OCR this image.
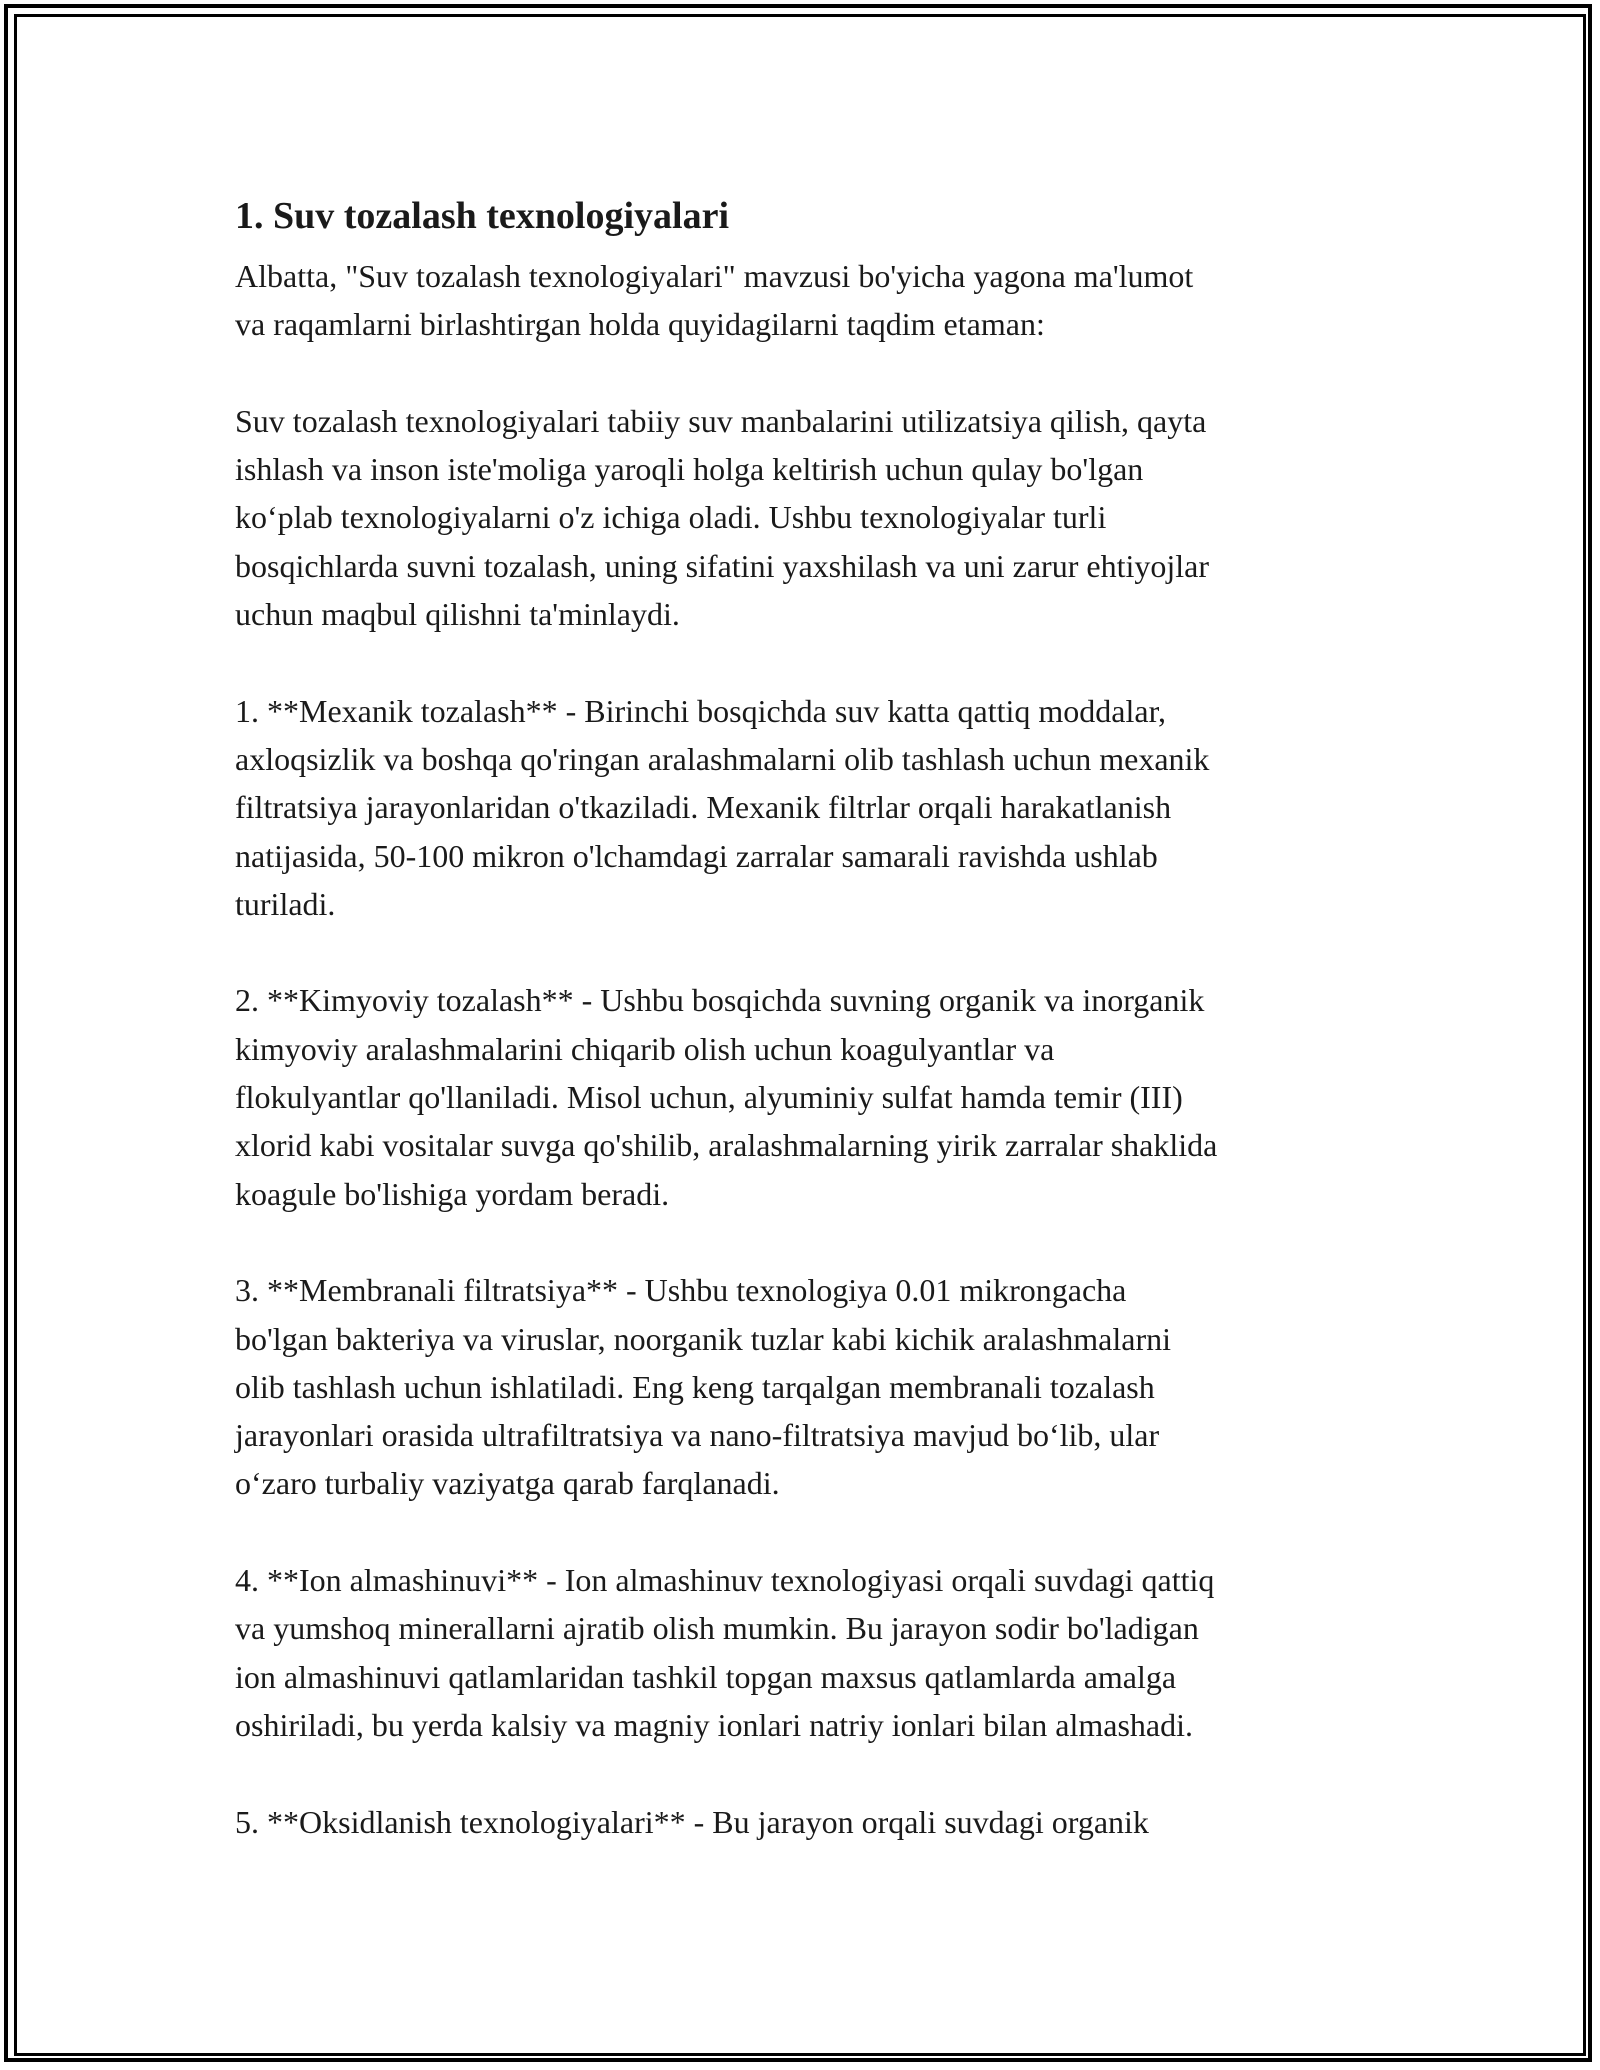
1. Suv tozalash texnologiyalari

Albatta, "Suv tozalash texnologiyalari" mavzusi bo'yicha yagona ma'lumot
va raqamlarni birlashtirgan holda quyidagilarni taqdim etaman:

Suv tozalash texnologiyalari tabiiy suv manbalarini utilizatsiya qilish, qayta
ishlash va inson iste'moliga yaroqli holga keltirish uchun qulay bo'lgan
ko‘plab texnologiyalarni o'z ichiga oladi. Ushbu texnologiyalar turli
bosqichlarda suvni tozalash, uning sifatini yaxshilash va uni zarur ehtiyojlar
uchun maqbul qilishni ta'minlaydi.

1. **Mexanik tozalash** - Birinchi bosqichda suv katta qattiq moddalar,
axloqsizlik va boshqa qo'ringan aralashmalarni olib tashlash uchun mexanik
filtratsiya jarayonlaridan o'tkaziladi. Mexanik filtrlar orqali harakatlanish
natijasida, 50-100 mikron o'lchamdagi zarralar samarali ravishda ushlab
turiladi.

2. **Kimyoviy tozalash** - Ushbu bosqichda suvning organik va inorganik
kimyoviy aralashmalarini chiqarib olish uchun koagulyantlar va
flokulyantlar qo'llaniladi. Misol uchun, alyuminiy sulfat hamda temir (III)
xlorid kabi vositalar suvga qo'shilib, aralashmalarning yirik zarralar shaklida
koagule bo'lishiga yordam beradi.

3. **Membranali filtratsiya** - Ushbu texnologiya 0.01 mikrongacha
bo'lgan bakteriya va viruslar, noorganik tuzlar kabi kichik aralashmalarni
olib tashlash uchun ishlatiladi. Eng keng tarqalgan membranali tozalash
jarayonlari orasida ultrafiltratsiya va nano-filtratsiya mavjud bo‘lib, ular
o‘zaro turbaliy vaziyatga qarab farqlanadi.

4. **Ion almashinuvi** - Ion almashinuv texnologiyasi orqali suvdagi qattiq
va yumshoq minerallarni ajratib olish mumkin. Bu jarayon sodir bo'ladigan
ion almashinuvi qatlamlaridan tashkil topgan maxsus qatlamlarda amalga
oshiriladi, bu yerda kalsiy va magniy ionlari natriy ionlari bilan almashadi.

5. **Oksidlanish texnologiyalari** - Bu jarayon orqali suvdagi organik
